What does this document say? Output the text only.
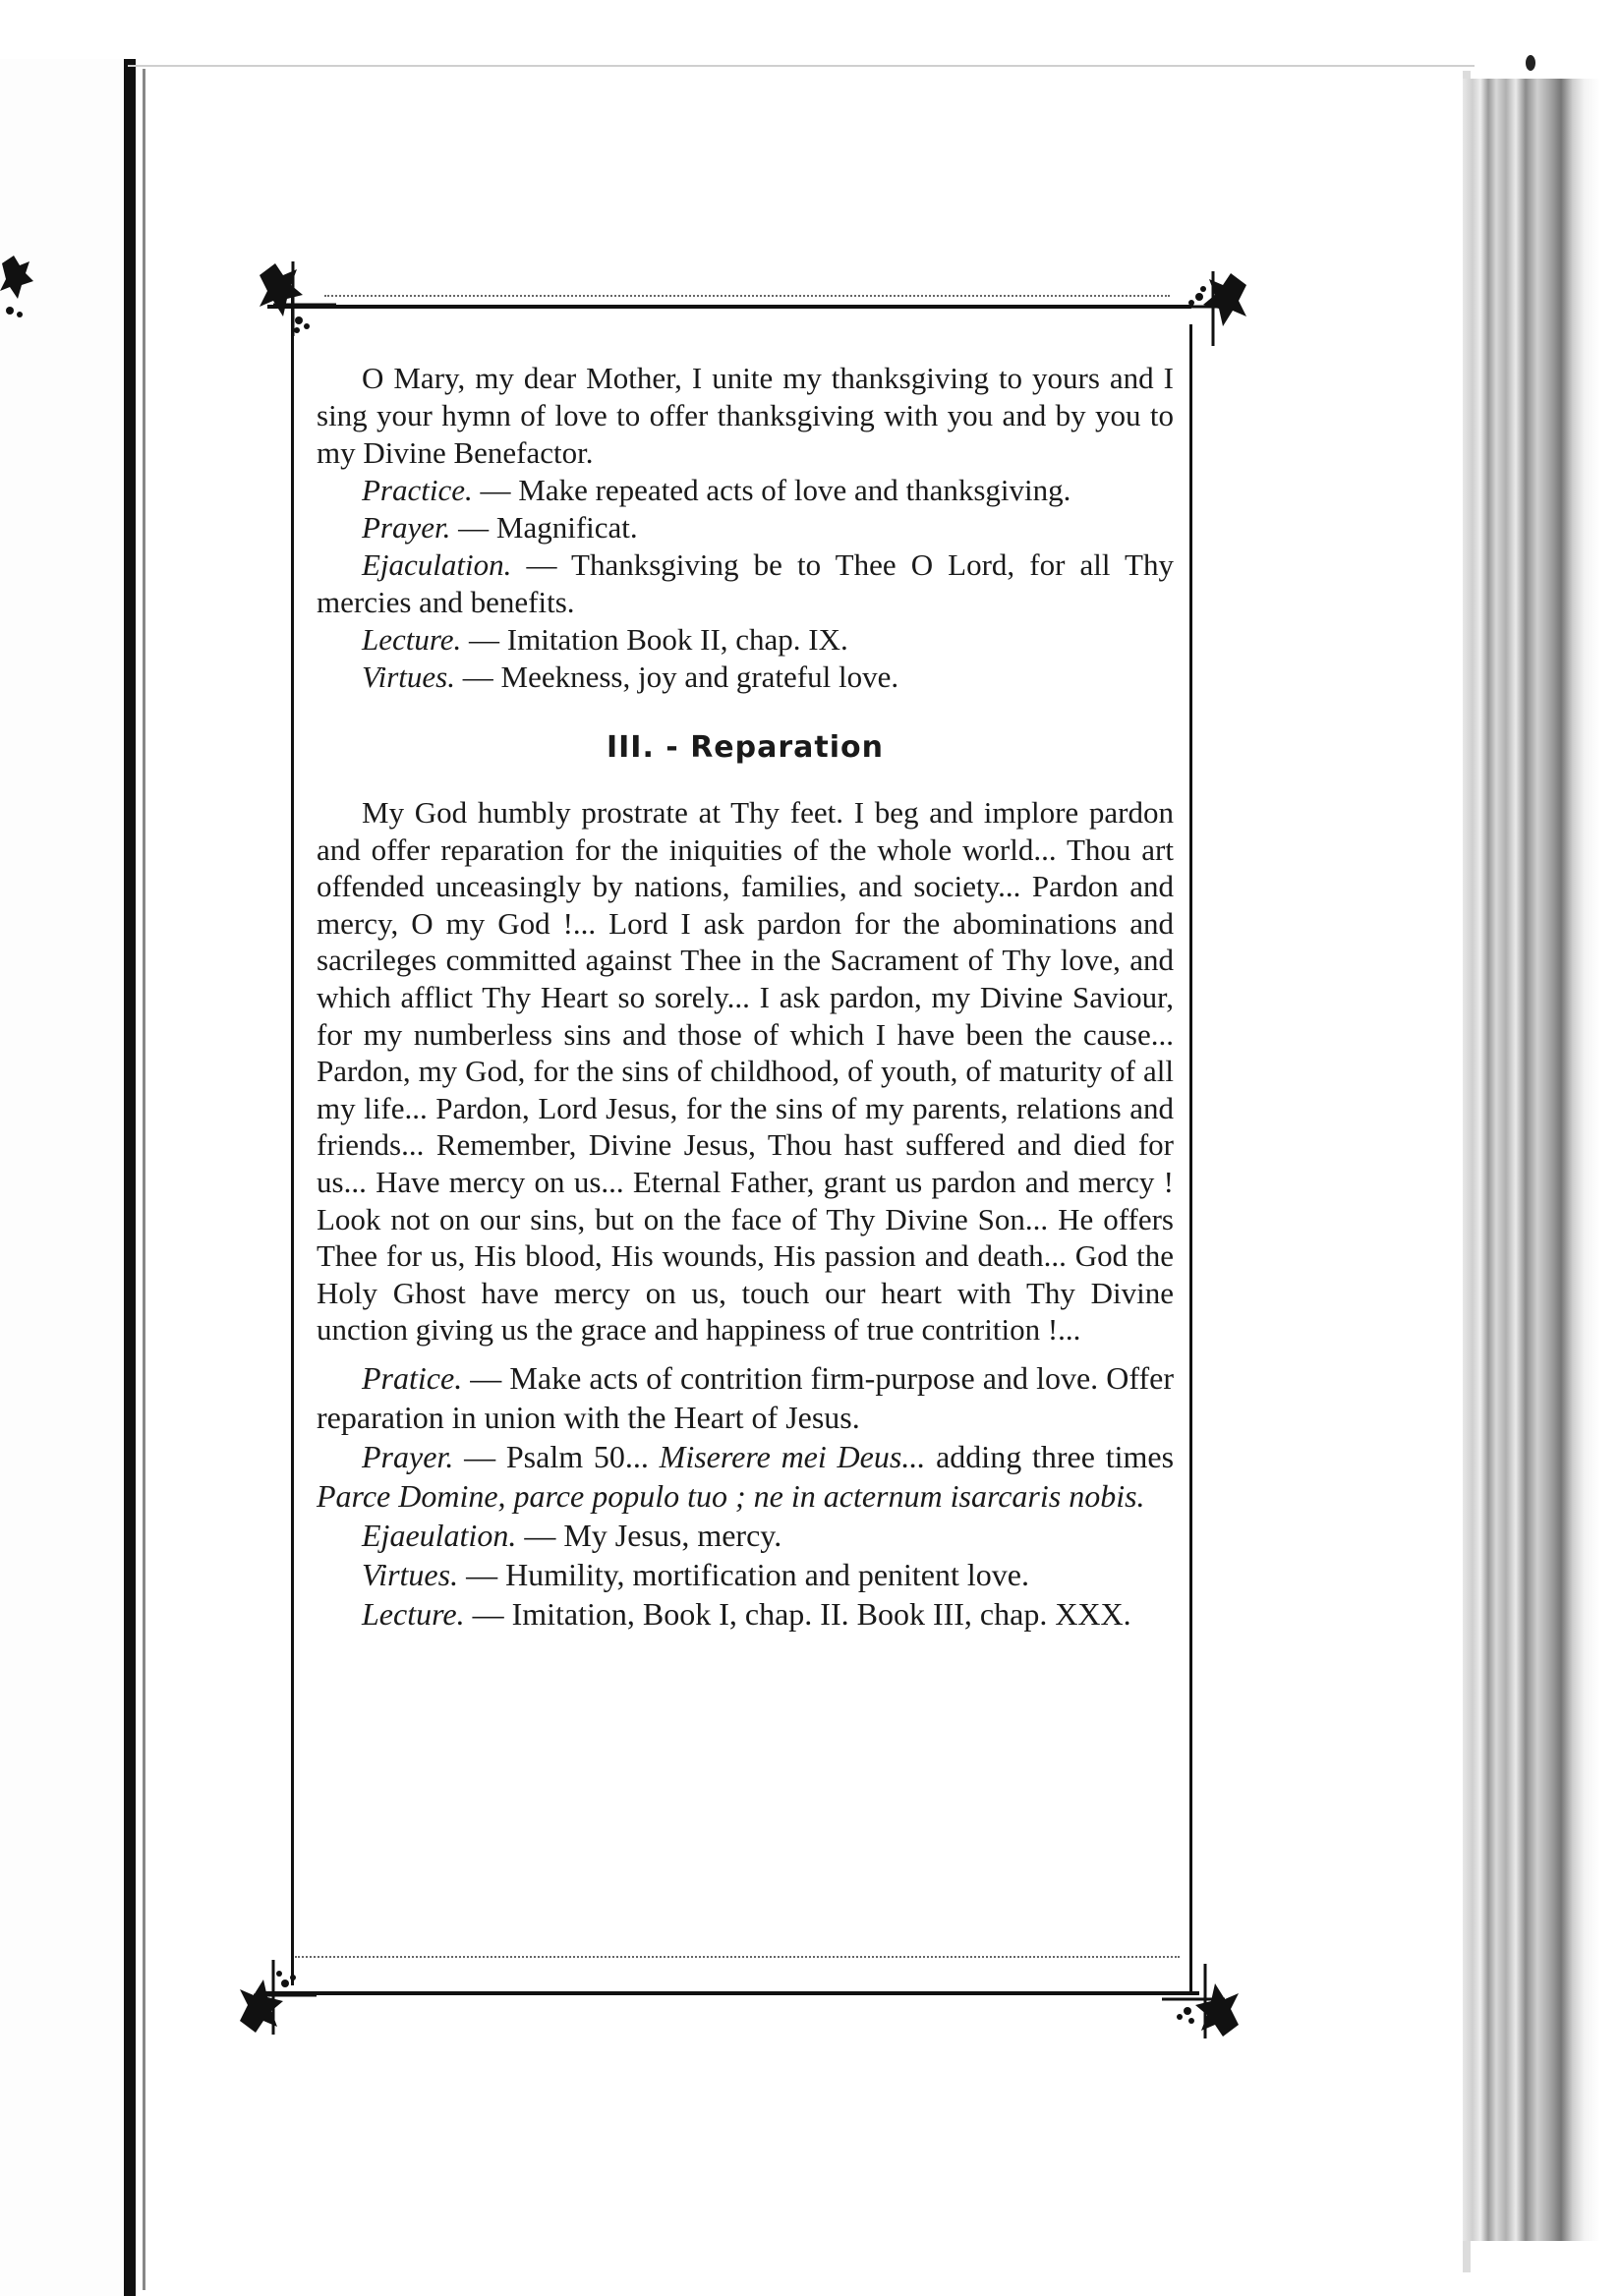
O Mary, my dear Mother, I unite my thanksgiving to yours and I sing your hymn of love to offer thanksgiving with you and by you to my Divine Benefactor.

Practice. — Make repeated acts of love and thanksgiving.

Prayer. — Magnificat.

Ejaculation. — Thanksgiving be to Thee O Lord, for all Thy mercies and benefits.

Lecture. — Imitation Book II, chap. IX.

Virtues. — Meekness, joy and grateful love.

III. - Reparation

My God humbly prostrate at Thy feet. I beg and implore pardon and offer reparation for the iniquities of the whole world... Thou art offended unceasingly by nations, families, and society... Pardon and mercy, O my God !... Lord I ask pardon for the abominations and sacrileges committed against Thee in the Sacrament of Thy love, and which afflict Thy Heart so sorely... I ask pardon, my Divine Saviour, for my numberless sins and those of which I have been the cause... Pardon, my God, for the sins of childhood, of youth, of maturity of all my life... Pardon, Lord Jesus, for the sins of my parents, relations and friends... Remember, Divine Jesus, Thou hast suffered and died for us... Have mercy on us... Eternal Father, grant us pardon and mercy ! Look not on our sins, but on the face of Thy Divine Son... He offers Thee for us, His blood, His wounds, His passion and death... God the Holy Ghost have mercy on us, touch our heart with Thy Divine unction giving us the grace and happiness of true contrition !...

Pratice. — Make acts of contrition firm-purpose and love. Offer reparation in union with the Heart of Jesus.

Prayer. — Psalm 50... Miserere mei Deus... adding three times Parce Domine, parce populo tuo ; ne in acternum isarcaris nobis.

Ejaeulation. — My Jesus, mercy.

Virtues. — Humility, mortification and penitent love.

Lecture. — Imitation, Book I, chap. II. Book III, chap. XXX.
